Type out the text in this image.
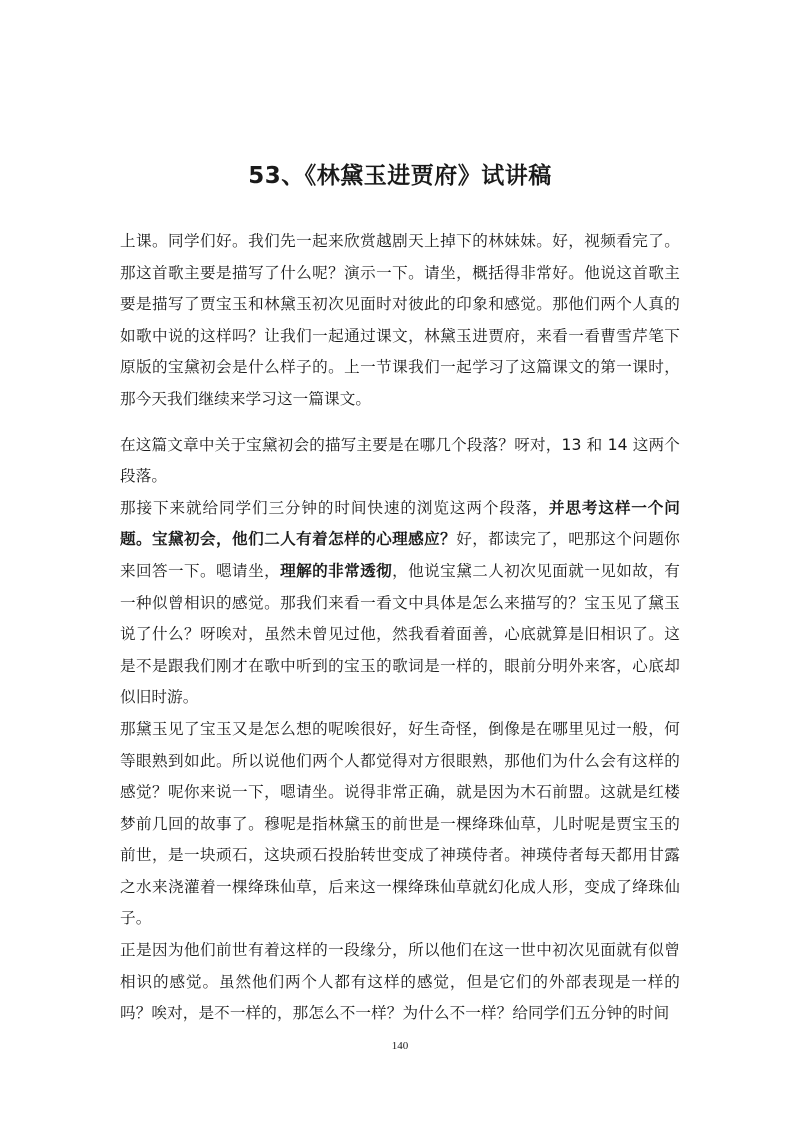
53、《林黛玉进贾府》试讲稿

上课。同学们好。我们先一起来欣赏越剧天上掉下的林妹妹。好，视频看完了。那这首歌主要是描写了什么呢？演示一下。请坐，概括得非常好。他说这首歌主要是描写了贾宝玉和林黛玉初次见面时对彼此的印象和感觉。那他们两个人真的如歌中说的这样吗？让我们一起通过课文，林黛玉进贾府，来看一看曹雪芹笔下原版的宝黛初会是什么样子的。上一节课我们一起学习了这篇课文的第一课时，那今天我们继续来学习这一篇课文。

在这篇文章中关于宝黛初会的描写主要是在哪几个段落？呀对，13 和 14 这两个段落。

那接下来就给同学们三分钟的时间快速的浏览这两个段落，并思考这样一个问题。宝黛初会，他们二人有着怎样的心理感应？好，都读完了，吧那这个问题你来回答一下。嗯请坐，理解的非常透彻，他说宝黛二人初次见面就一见如故，有一种似曾相识的感觉。那我们来看一看文中具体是怎么来描写的？宝玉见了黛玉说了什么？呀唉对，虽然未曾见过他，然我看着面善，心底就算是旧相识了。这是不是跟我们刚才在歌中听到的宝玉的歌词是一样的，眼前分明外来客，心底却似旧时游。

那黛玉见了宝玉又是怎么想的呢唉很好，好生奇怪，倒像是在哪里见过一般，何等眼熟到如此。所以说他们两个人都觉得对方很眼熟，那他们为什么会有这样的感觉？呢你来说一下，嗯请坐。说得非常正确，就是因为木石前盟。这就是红楼梦前几回的故事了。穆呢是指林黛玉的前世是一棵绛珠仙草，儿时呢是贾宝玉的前世，是一块顽石，这块顽石投胎转世变成了神瑛侍者。神瑛侍者每天都用甘露之水来浇灌着一棵绛珠仙草，后来这一棵绛珠仙草就幻化成人形，变成了绛珠仙子。

正是因为他们前世有着这样的一段缘分，所以他们在这一世中初次见面就有似曾相识的感觉。虽然他们两个人都有这样的感觉，但是它们的外部表现是一样的吗？唉对，是不一样的，那怎么不一样？为什么不一样？给同学们五分钟的时间

140
